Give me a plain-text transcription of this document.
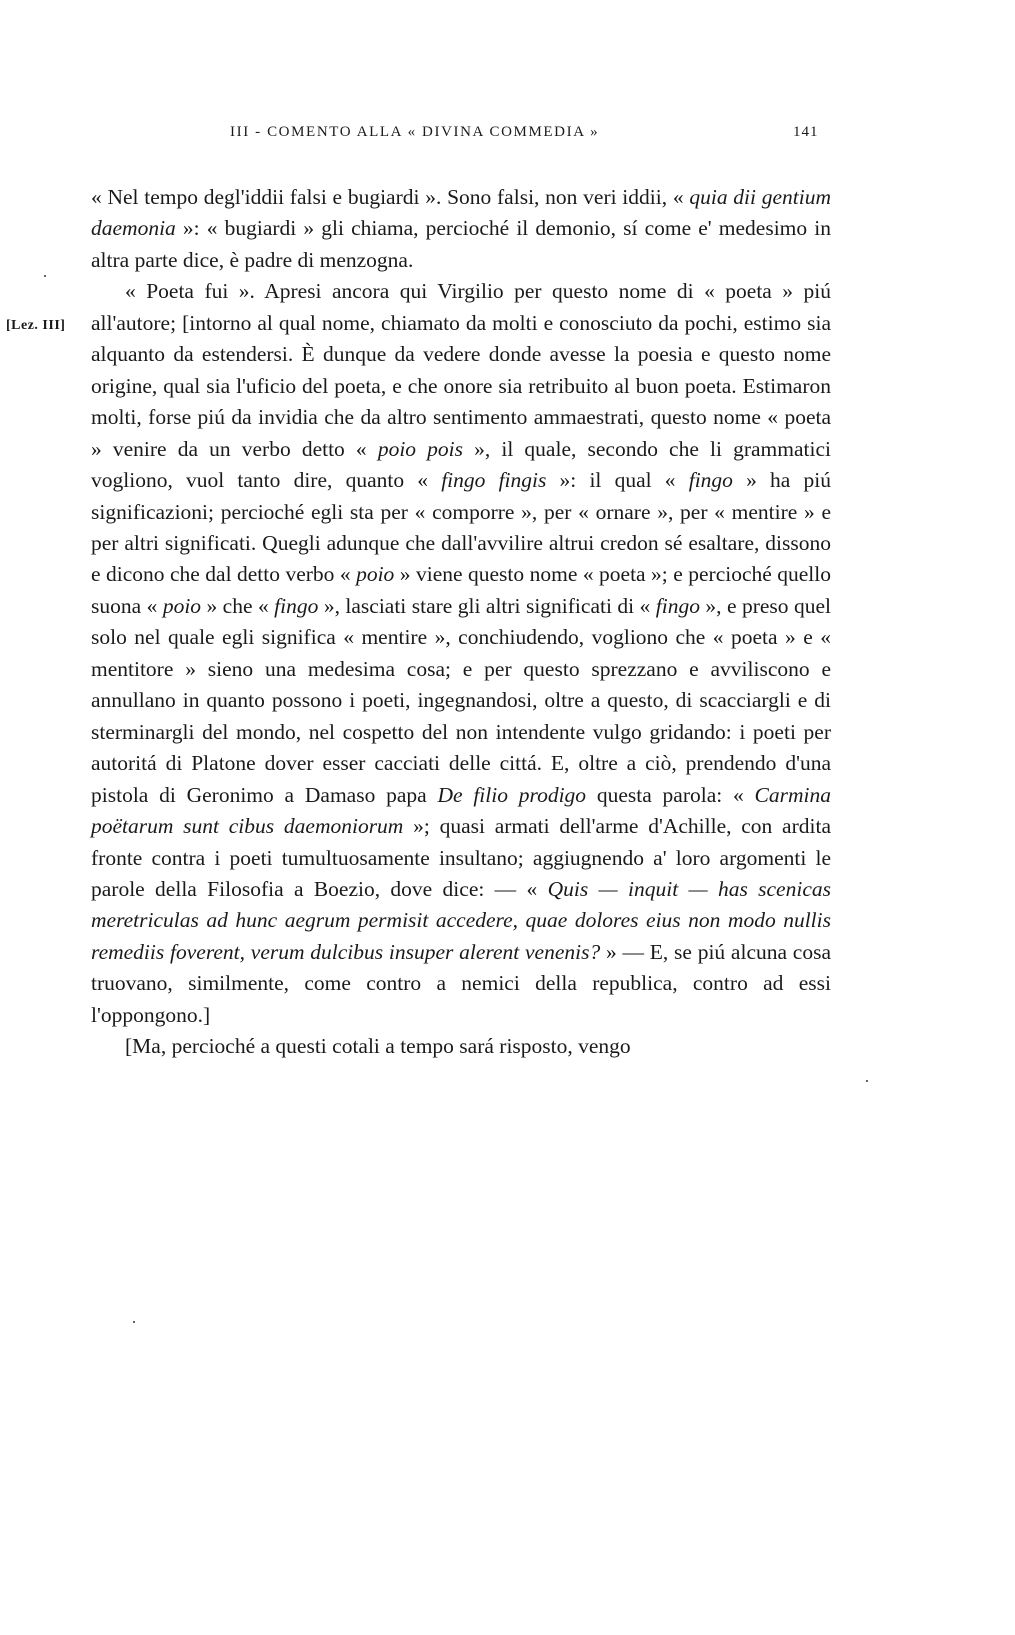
III - COMENTO ALLA « DIVINA COMMEDIA »	141
[Lez. III]

« Nel tempo degl'iddii falsi e bugiardi ». Sono falsi, non veri iddii, « quia dii gentium daemonia »: « bugiardi » gli chiama, percioché il demonio, sí come e' medesimo in altra parte dice, è padre di menzogna.

« Poeta fui ». Apresi ancora qui Virgilio per questo nome di « poeta » piú all'autore; [intorno al qual nome, chiamato da molti e conosciuto da pochi, estimo sia alquanto da estendersi. È dunque da vedere donde avesse la poesia e questo nome origine, qual sia l'uficio del poeta, e che onore sia retribuito al buon poeta. Estimaron molti, forse piú da invidia che da altro sentimento ammaestrati, questo nome « poeta » venire da un verbo detto « poio pois », il quale, secondo che li grammatici vogliono, vuol tanto dire, quanto « fingo fingis »: il qual « fingo » ha piú significazioni; percioché egli sta per « comporre », per « ornare », per « mentire » e per altri significati. Quegli adunque che dall'avvilire altrui credon sé esaltare, dissono e dicono che dal detto verbo « poio » viene questo nome « poeta »; e percioché quello suona « poio » che « fingo », lasciati stare gli altri significati di « fingo », e preso quel solo nel quale egli significa « mentire », conchiudendo, vogliono che « poeta » e « mentitore » sieno una medesima cosa; e per questo sprezzano e avviliscono e annullano in quanto possono i poeti, ingegnandosi, oltre a questo, di scacciargli e di sterminargli del mondo, nel cospetto del non intendente vulgo gridando: i poeti per autoritá di Platone dover esser cacciati delle cittá. E, oltre a ciò, prendendo d'una pistola di Geronimo a Damaso papa De filio prodigo questa parola: « Carmina poëtarum sunt cibus daemoniorum »; quasi armati dell'arme d'Achille, con ardita fronte contra i poeti tumultuosamente insultano; aggiugnendo a' loro argomenti le parole della Filosofia a Boezio, dove dice: — « Quis — inquit — has scenicas meretriculas ad hunc aegrum permisit accedere, quae dolores eius non modo nullis remediis foverent, verum dulcibus insuper alerent venenis? » — E, se piú alcuna cosa truovano, similmente, come contro a nemici della republica, contro ad essi l'oppongono.]

[Ma, percioché a questi cotali a tempo sará risposto, vengo
